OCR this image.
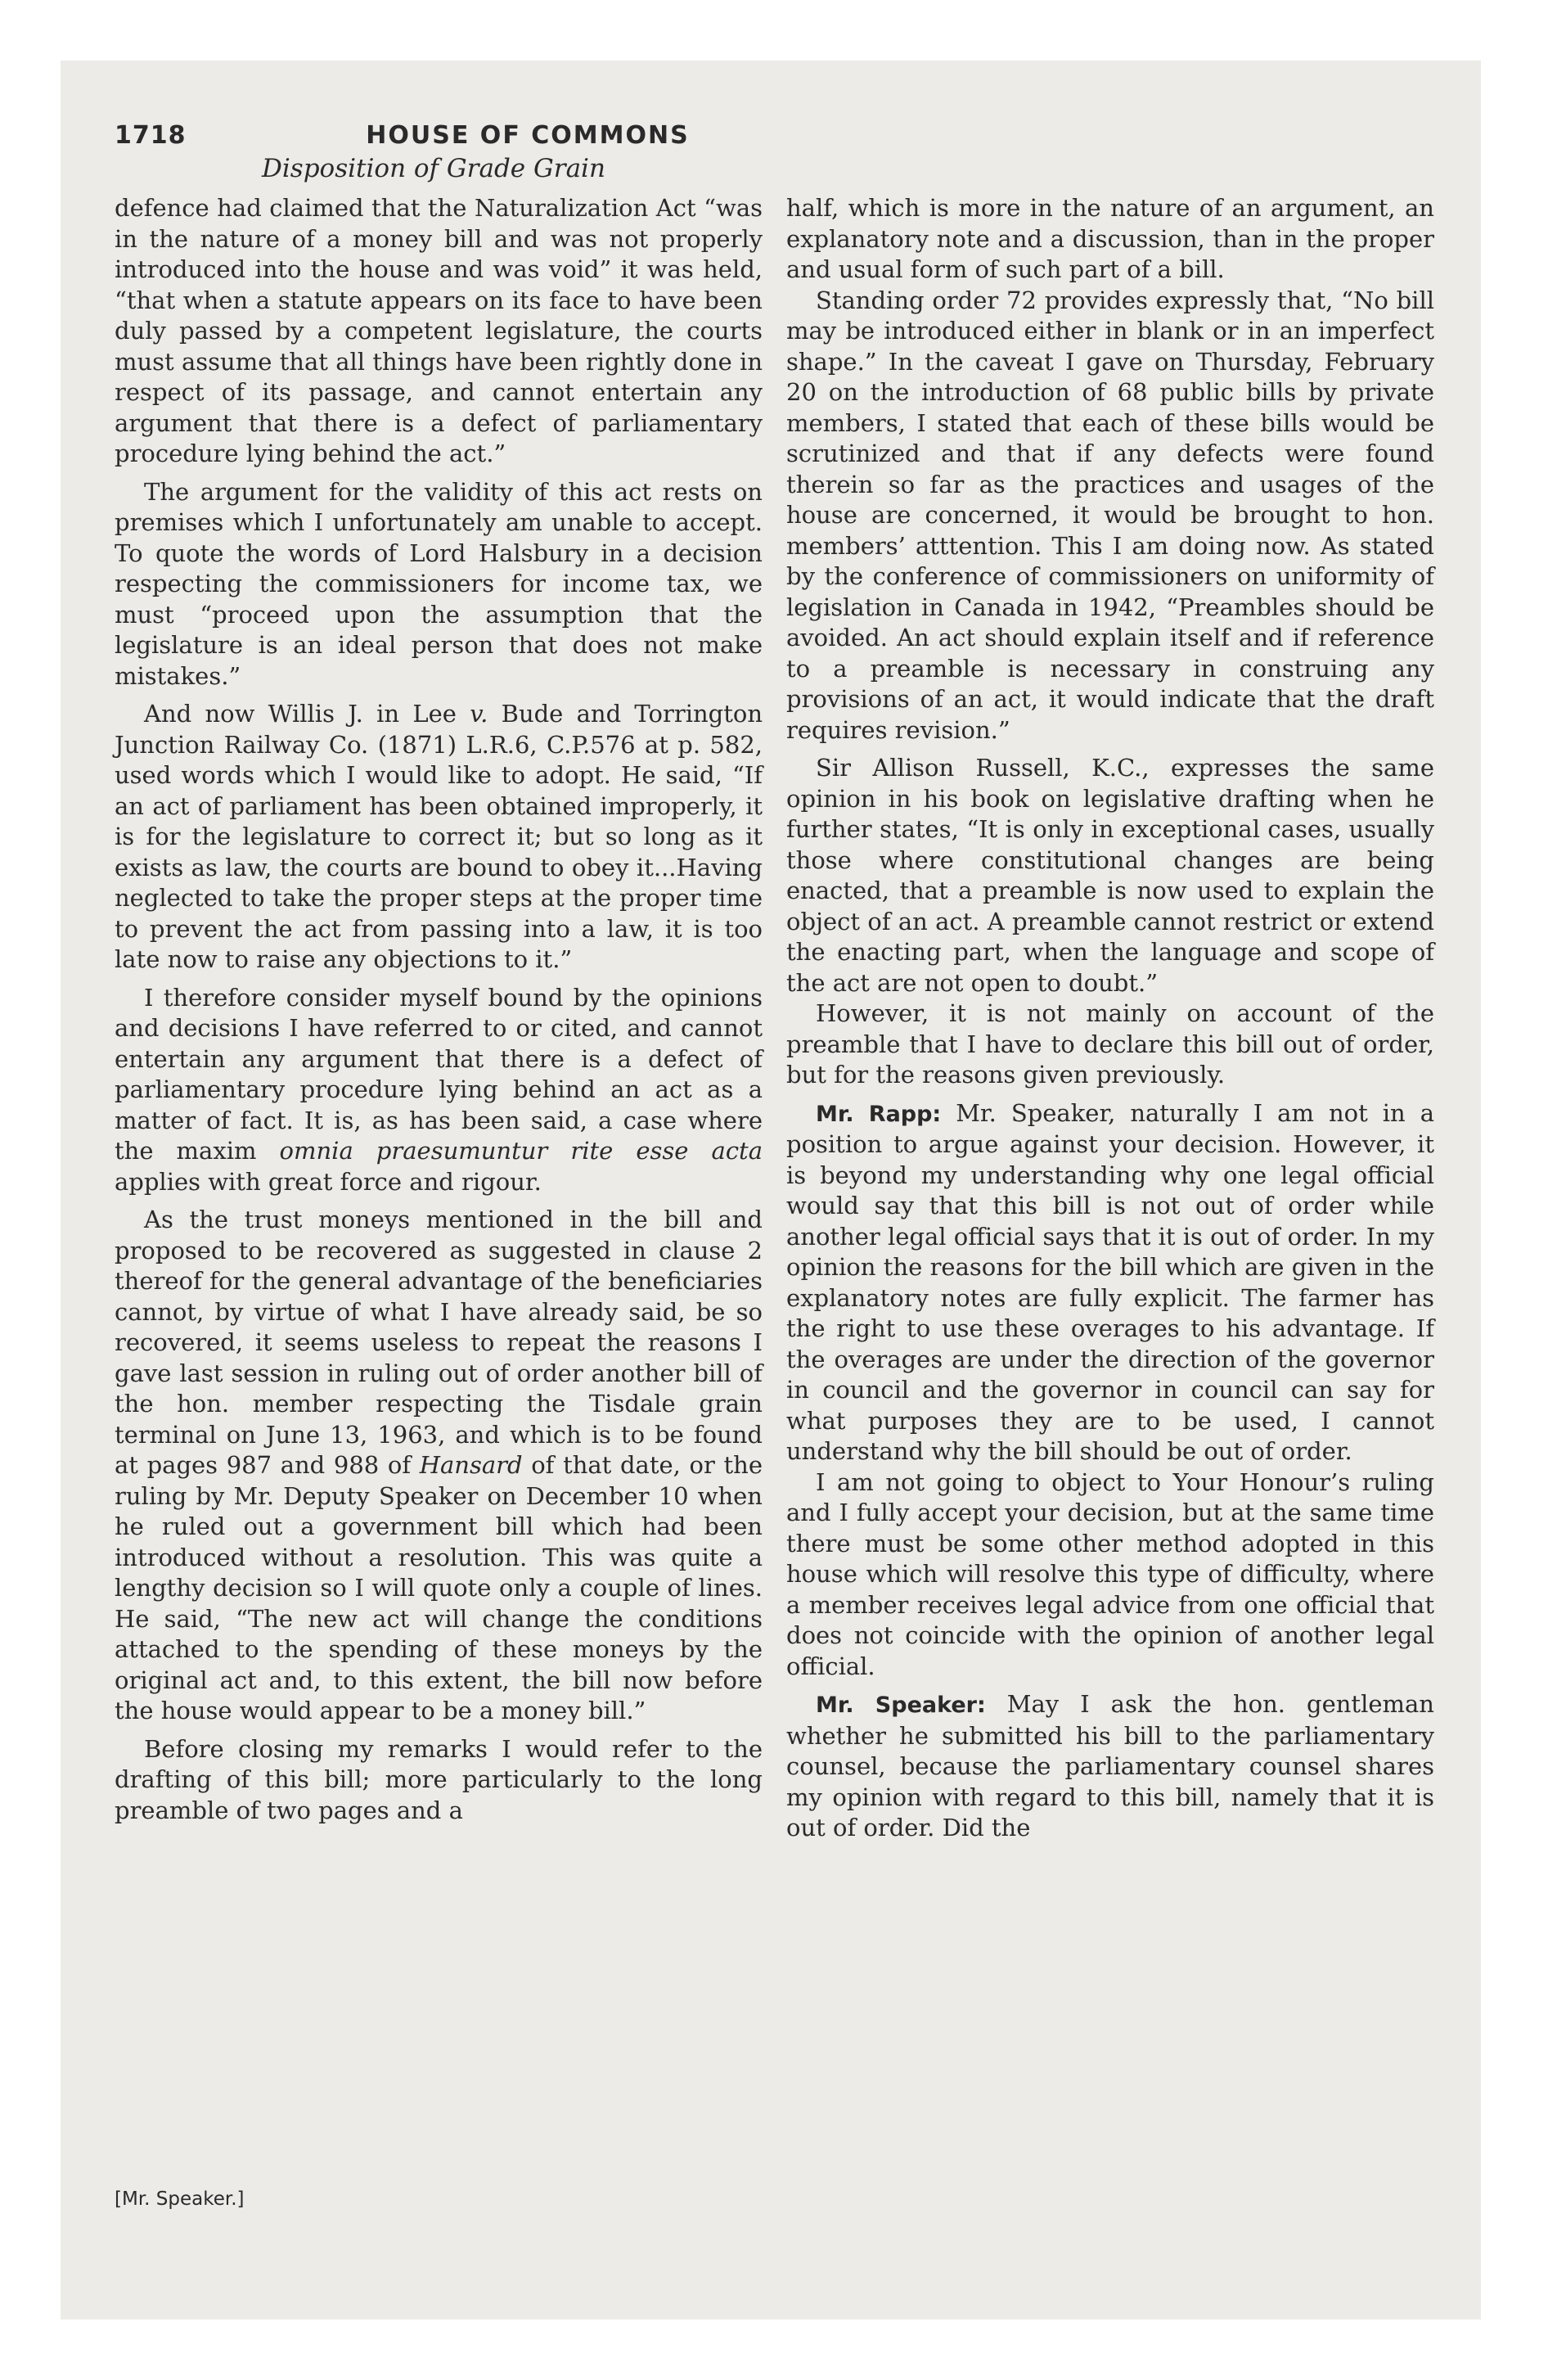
1718	HOUSE OF COMMONS
Disposition of Grade Grain

defence had claimed that the Naturalization Act “was in the nature of a money bill and was not properly introduced into the house and was void” it was held, “that when a statute appears on its face to have been duly passed by a competent legislature, the courts must assume that all things have been rightly done in respect of its passage, and cannot entertain any argument that there is a defect of parliamentary procedure lying behind the act.”

The argument for the validity of this act rests on premises which I unfortunately am unable to accept. To quote the words of Lord Halsbury in a decision respecting the commissioners for income tax, we must “proceed upon the assumption that the legislature is an ideal person that does not make mistakes.”

And now Willis J. in Lee v. Bude and Torrington Junction Railway Co. (1871) L.R.6, C.P.576 at p. 582, used words which I would like to adopt. He said, “If an act of parliament has been obtained improperly, it is for the legislature to correct it; but so long as it exists as law, the courts are bound to obey it...Having neglected to take the proper steps at the proper time to prevent the act from passing into a law, it is too late now to raise any objections to it.”

I therefore consider myself bound by the opinions and decisions I have referred to or cited, and cannot entertain any argument that there is a defect of parliamentary procedure lying behind an act as a matter of fact. It is, as has been said, a case where the maxim omnia praesumuntur rite esse acta applies with great force and rigour.

As the trust moneys mentioned in the bill and proposed to be recovered as suggested in clause 2 thereof for the general advantage of the beneficiaries cannot, by virtue of what I have already said, be so recovered, it seems useless to repeat the reasons I gave last session in ruling out of order another bill of the hon. member respecting the Tisdale grain terminal on June 13, 1963, and which is to be found at pages 987 and 988 of Hansard of that date, or the ruling by Mr. Deputy Speaker on December 10 when he ruled out a government bill which had been introduced without a resolution. This was quite a lengthy decision so I will quote only a couple of lines. He said, “The new act will change the conditions attached to the spending of these moneys by the original act and, to this extent, the bill now before the house would appear to be a money bill.”

Before closing my remarks I would refer to the drafting of this bill; more particularly to the long preamble of two pages and a

half, which is more in the nature of an argument, an explanatory note and a discussion, than in the proper and usual form of such part of a bill.

Standing order 72 provides expressly that, “No bill may be introduced either in blank or in an imperfect shape.” In the caveat I gave on Thursday, February 20 on the introduction of 68 public bills by private members, I stated that each of these bills would be scrutinized and that if any defects were found therein so far as the practices and usages of the house are concerned, it would be brought to hon. members’ atttention. This I am doing now. As stated by the conference of commissioners on uniformity of legislation in Canada in 1942, “Preambles should be avoided. An act should explain itself and if reference to a preamble is necessary in construing any provisions of an act, it would indicate that the draft requires revision.”

Sir Allison Russell, K.C., expresses the same opinion in his book on legislative drafting when he further states, “It is only in exceptional cases, usually those where constitutional changes are being enacted, that a preamble is now used to explain the object of an act. A preamble cannot restrict or extend the enacting part, when the language and scope of the act are not open to doubt.”

However, it is not mainly on account of the preamble that I have to declare this bill out of order, but for the reasons given previously.

Mr. Rapp: Mr. Speaker, naturally I am not in a position to argue against your decision. However, it is beyond my understanding why one legal official would say that this bill is not out of order while another legal official says that it is out of order. In my opinion the reasons for the bill which are given in the explanatory notes are fully explicit. The farmer has the right to use these overages to his advantage. If the overages are under the direction of the governor in council and the governor in council can say for what purposes they are to be used, I cannot understand why the bill should be out of order.

I am not going to object to Your Honour’s ruling and I fully accept your decision, but at the same time there must be some other method adopted in this house which will resolve this type of difficulty, where a member receives legal advice from one official that does not coincide with the opinion of another legal official.

Mr. Speaker: May I ask the hon. gentleman whether he submitted his bill to the parliamentary counsel, because the parliamentary counsel shares my opinion with regard to this bill, namely that it is out of order. Did the

[Mr. Speaker.]
